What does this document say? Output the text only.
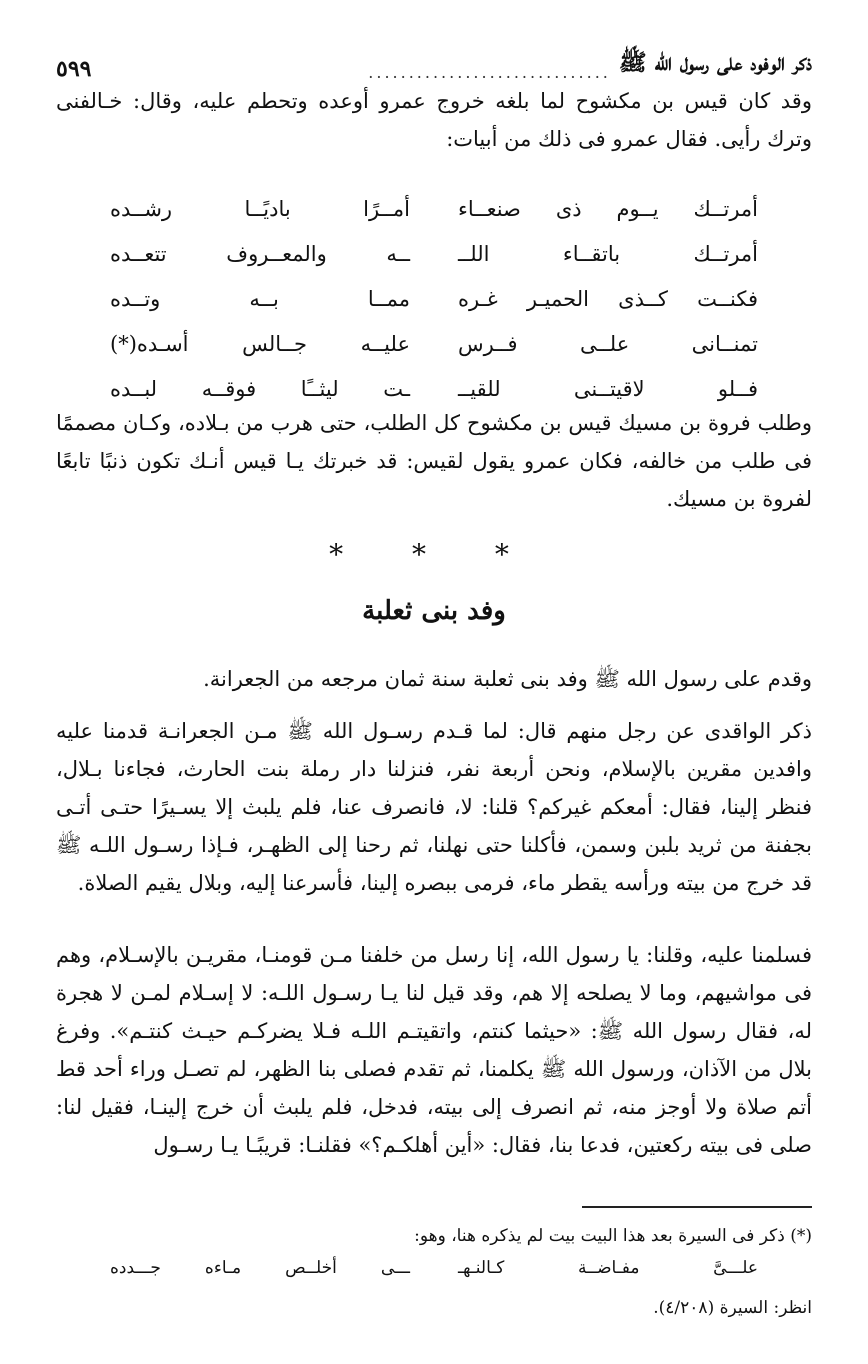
ذكر الوفود على رسول الله ﷺ
..............................
٥٩٩

وقد كان قيس بن مكشوح لما بلغه خروج عمرو أوعده وتحطم عليه، وقال: خـالفنى وترك رأيى. فقال عمرو فى ذلك من أبيات:

أمرتــك يــوم ذى صنعــاء
أمــرًا باديًــا رشــده
أمرتــك باتقــاء اللــ
ــه والمعــروف تتعــده
فكنــت كــذى الحميـر غـره
ممــا بــه وتــده
تمنــانى علــى فــرس
عليــه جــالس أسـده(*)
فــلو لاقيتــنى للقيــ
ـت ليثــًا فوقــه لبــده

وطلب فروة بن مسيك قيس بن مكشوح كل الطلب، حتى هرب من بـلاده، وكـان مصممًا فى طلب من خالفه، فكان عمرو يقول لقيس: قد خبرتك يـا قيس أنـك تكون ذنبًا تابعًا لفروة بن مسيك.

* * *
وفد بنى ثعلبة

وقدم على رسول الله ﷺ وفد بنى ثعلبة سنة ثمان مرجعه من الجعرانة.

ذكر الواقدى عن رجل منهم قال: لما قـدم رسـول الله ﷺ مـن الجعرانـة قدمنا عليه وافدين مقرين بالإسلام، ونحن أربعة نفر، فنزلنا دار رملة بنت الحارث، فجاءنا بـلال، فنظر إلينا، فقال: أمعكم غيركم؟ قلنا: لا، فانصرف عنا، فلم يلبث إلا يسـيرًا حتـى أتـى بجفنة من ثريد بلبن وسمن، فأكلنا حتى نهلنا، ثم رحنا إلى الظهـر، فـإذا رسـول اللـه ﷺ قد خرج من بيته ورأسه يقطر ماء، فرمى ببصره إلينا، فأسرعنا إليه، وبلال يقيم الصلاة.

فسلمنا عليه، وقلنا: يا رسول الله، إنا رسل من خلفنا مـن قومنـا، مقريـن بالإسـلام، وهم فى مواشيهم، وما لا يصلحه إلا هم، وقد قيل لنا يـا رسـول اللـه: لا إسـلام لمـن لا هجرة له، فقال رسول الله ﷺ: «حيثما كنتم، واتقيتـم اللـه فـلا يضركـم حيـث كنتـم». وفرغ بلال من الآذان، ورسول الله ﷺ يكلمنا، ثم تقدم فصلى بنا الظهر، لم تصـل وراء أحد قط أتم صلاة ولا أوجز منه، ثم انصرف إلى بيته، فدخل، فلم يلبث أن خرج إلينـا، فقيل لنا: صلى فى بيته ركعتين، فدعا بنا، فقال: «أين أهلكـم؟» فقلنـا: قريبًـا يـا رسـول

(*) ذكر فى السيرة بعد هذا البيت بيت لم يذكره هنا، وهو:
علـــىَّ مفـاضــة كـالنـهـ
ـــى أخلــص مـاءه جـــدده
انظر: السيرة (٤/٢٠٨).
